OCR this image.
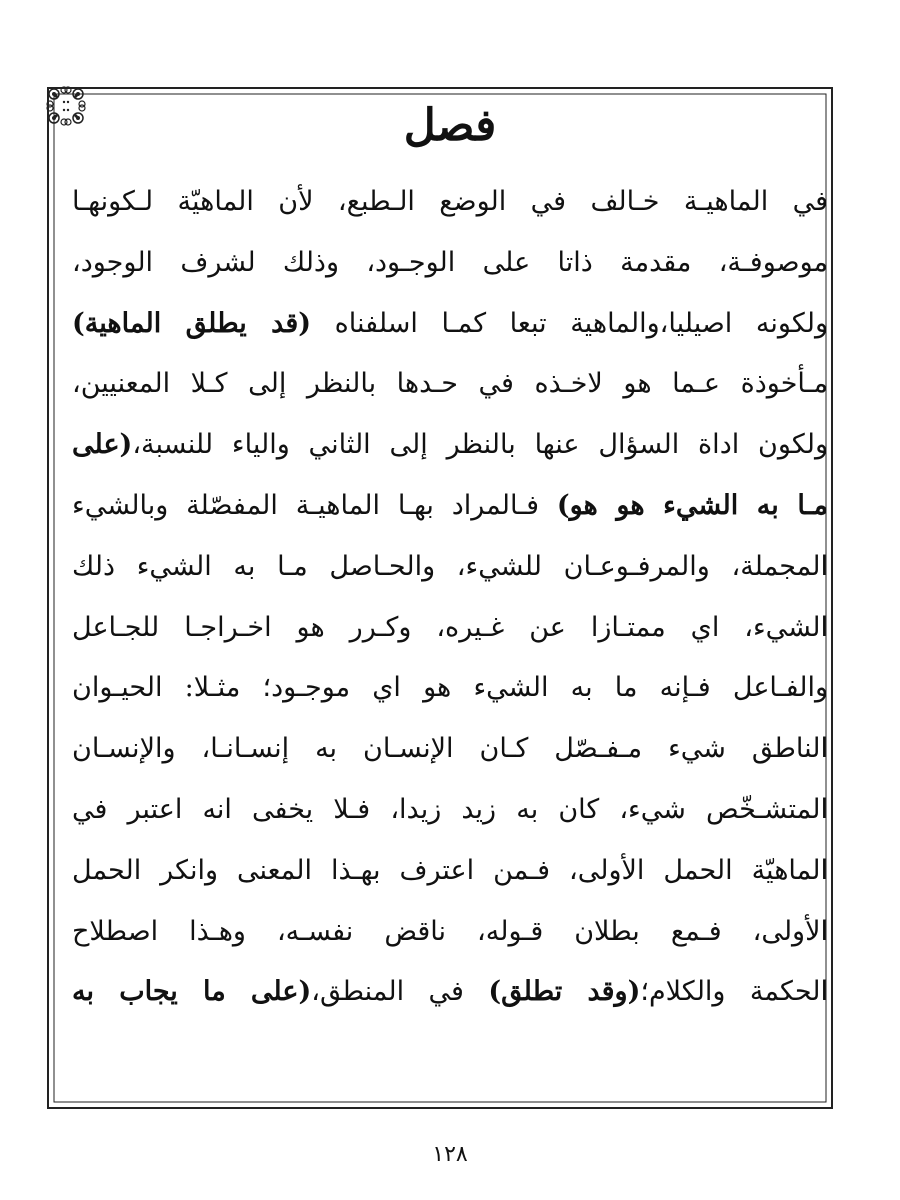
فصل
في الماهيـة خـالف في الوضع الـطبع، لأن الماهيّة لـكونهـا
موصوفـة، مقدمة ذاتا على الوجـود، وذلك لشرف الوجود،
ولكونه اصيليا،والماهية تبعا كمـا اسلفناه (قد يطلق الماهية)
مـأخوذة عـما هو لاخـذه في حـدها بالنظر إلى كـلا المعنيين،
ولكون اداة السؤال عنها بالنظر إلى الثاني والياء للنسبة،(على
مـا به الشيء هو هو) فـالمراد بهـا الماهيـة المفصّلة وبالشيء
المجملة، والمرفـوعـان للشيء، والحـاصل مـا به الشيء ذلك
الشيء، اي ممتـازا عن غـيره، وكـرر هو اخـراجـا للجـاعل
والفـاعل فـإنه ما به الشيء هو اي موجـود؛ مثـلا: الحيـوان
الناطق شيء مـفـصّل كـان الإنسـان به إنسـانـا، والإنسـان
المتشـخّص شيء، كان به زيد زيدا، فـلا يخفى انه اعتبر في
الماهيّة الحمل الأولى، فـمن اعترف بهـذا المعنى وانكر الحمل
الأولى، فـمع بطلان قـوله، ناقض نفسـه، وهـذا اصطلاح
الحكمة والكلام؛(وقد تطلق) في المنطق،(على ما يجاب به
١٢٨
